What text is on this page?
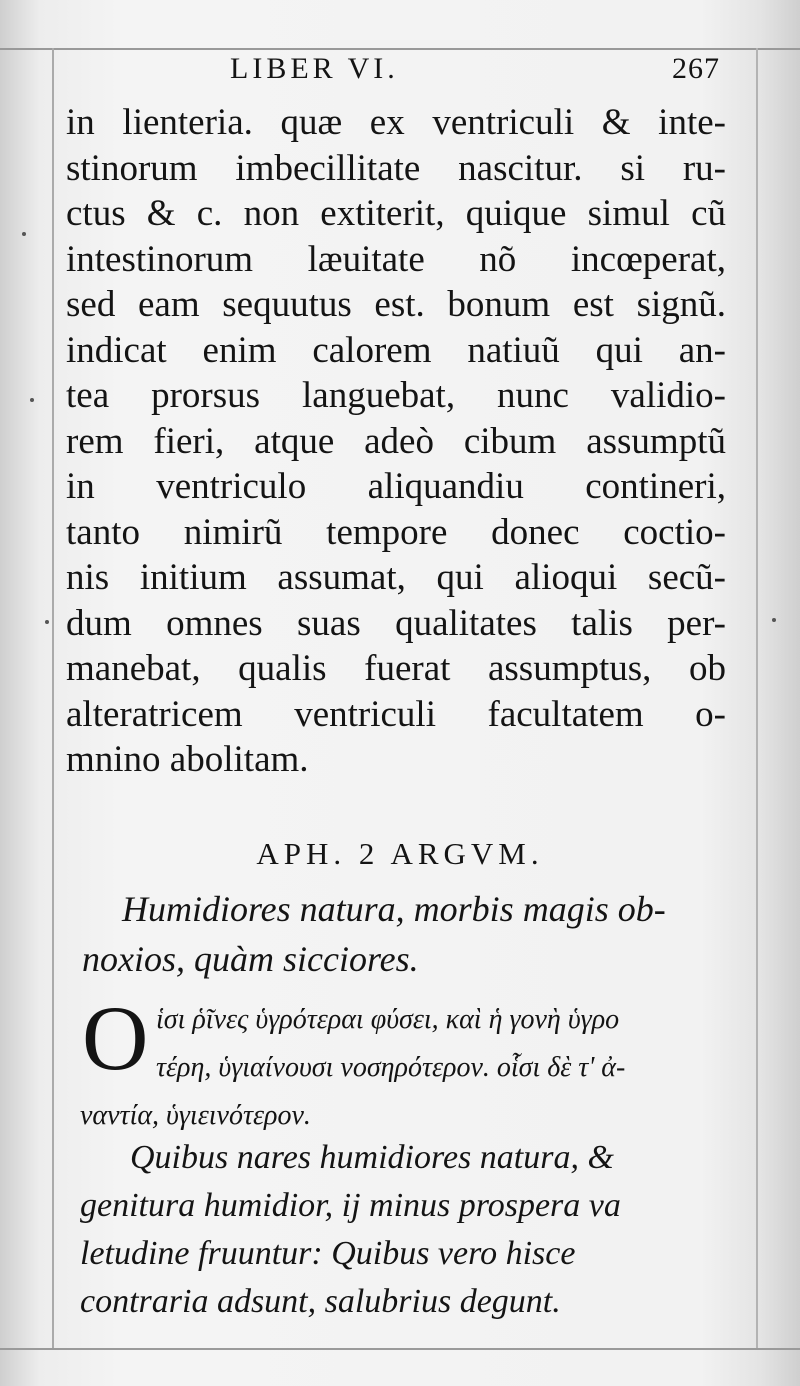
LIBER VI.	267
in lienteria. quæ ex ventriculi & inte-
stinorum imbecillitate nascitur. si ru-
ctus & c. non extiterit, quique simul cũ
intestinorum læuitate nõ incœperat,
sed eam sequutus est. bonum est signũ.
indicat enim calorem natiuũ qui an-
tea prorsus languebat, nunc validio-
rem fieri, atque adeò cibum assumptũ
in ventriculo aliquandiu contineri,
tanto nimirũ tempore donec coctio-
nis initium assumat, qui alioqui secũ-
dum omnes suas qualitates talis per-
manebat, qualis fuerat assumptus, ob
alteratricem ventriculi facultatem o-
mnino abolitam.
APH. 2 ARGVM.
Humidiores natura, morbis magis ob-
noxios, quàm sicciores.
O ἱσι ῥῖνες ὑγρότεραι φύσει, καὶ ἡ γονὴ ὑγρο
τέρη, ὑγιαίνουσι νοσηρότερον. οἷσι δὲ τ' ἀ-
ναντία, ὑγιεινότερον.
Quibus nares humidiores natura, &
genitura humidior, ij minus prospera va
letudine fruuntur: Quibus vero hisce
contraria adsunt, salubrius degunt.
